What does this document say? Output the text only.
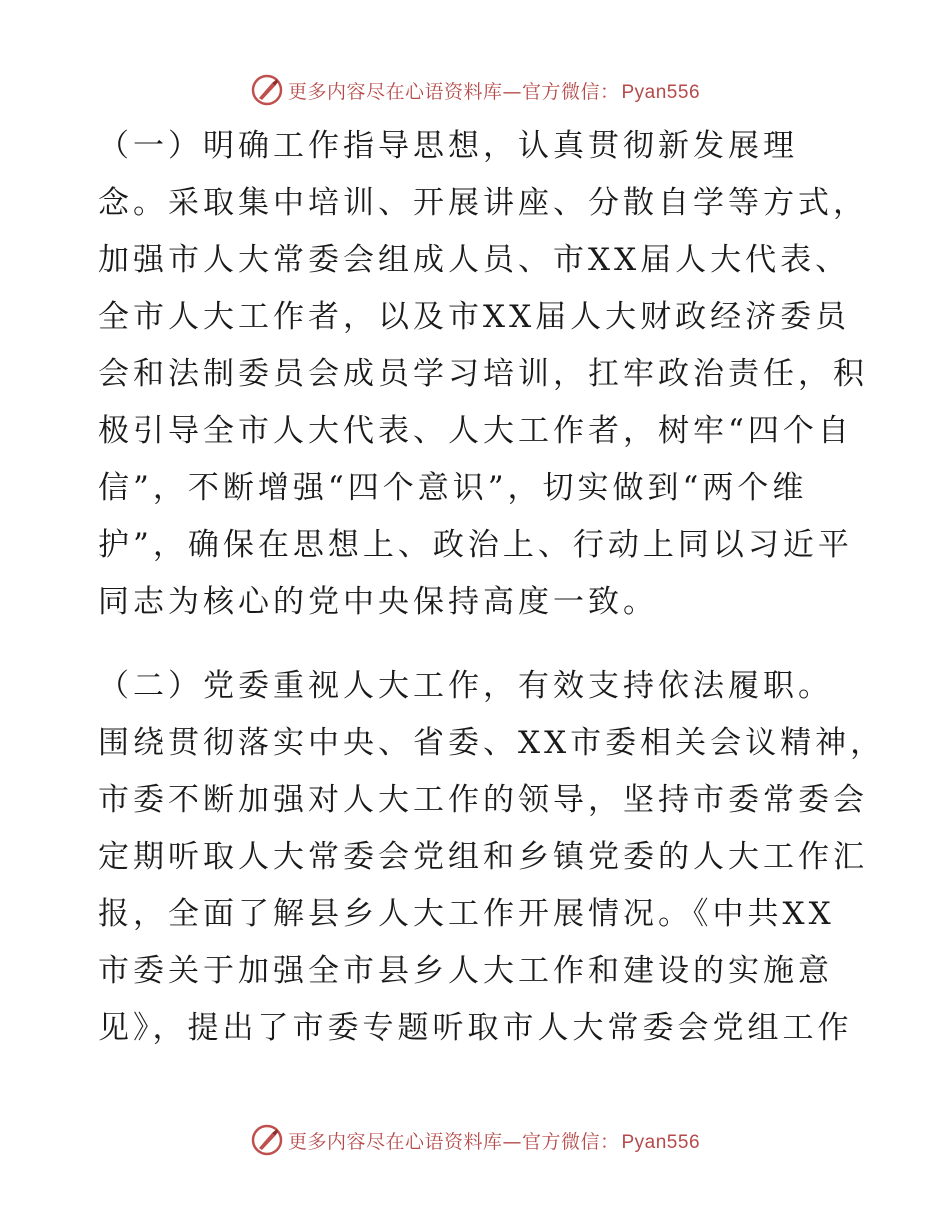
更多内容尽在心语资料库—官方微信： Pyan556
（一）明确工作指导思想，认真贯彻新发展理
念。采取集中培训、开展讲座、分散自学等方式，
加强市人大常委会组成人员、市XX届人大代表、
全市人大工作者，以及市XX届人大财政经济委员
会和法制委员会成员学习培训，扛牢政治责任，积
极引导全市人大代表、人大工作者，树牢“四个自
信”，不断增强“四个意识”，切实做到“两个维
护”，确保在思想上、政治上、行动上同以习近平
同志为核心的党中央保持高度一致。
（二）党委重视人大工作，有效支持依法履职。
围绕贯彻落实中央、省委、XX市委相关会议精神，
市委不断加强对人大工作的领导，坚持市委常委会
定期听取人大常委会党组和乡镇党委的人大工作汇
报，全面了解县乡人大工作开展情况。《中共XX
市委关于加强全市县乡人大工作和建设的实施意
见》，提出了市委专题听取市人大常委会党组工作
更多内容尽在心语资料库—官方微信： Pyan556
